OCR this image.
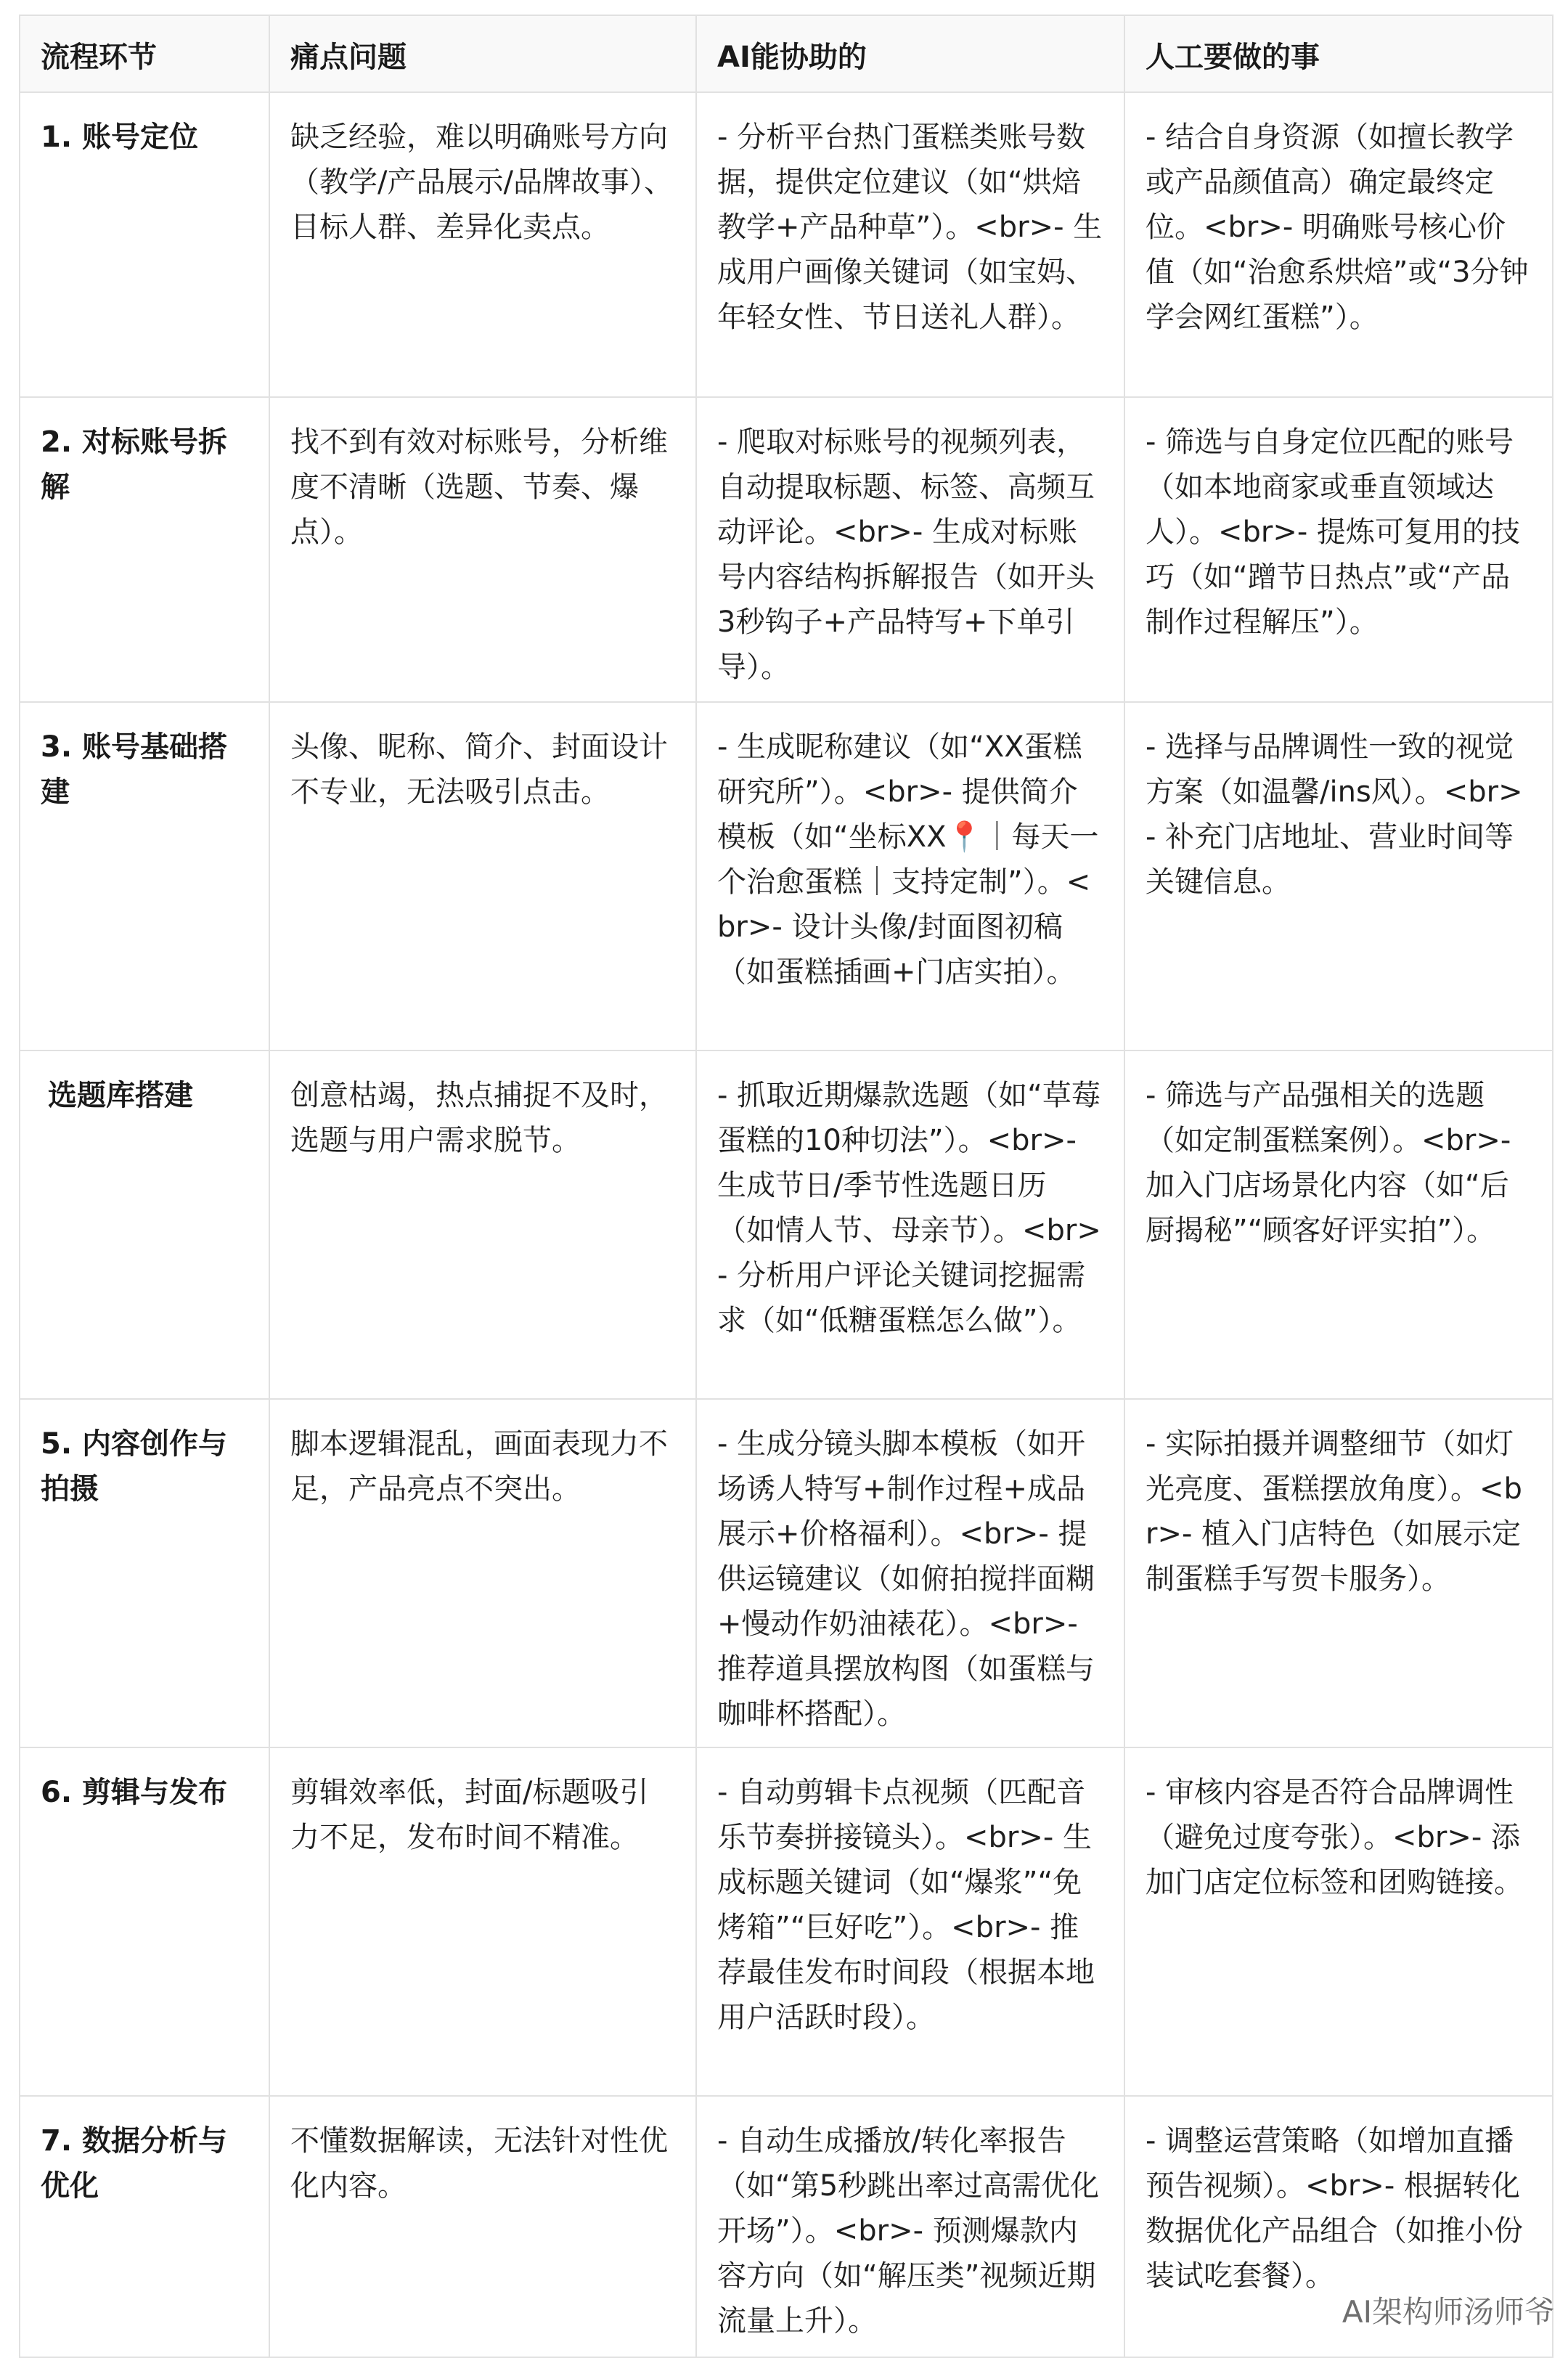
流程环节	痛点问题	AI能协助的	人工要做的事
1. 账号定位	缺乏经验，难以明确账号方向（教学/产品展示/品牌故事）、目标人群、差异化卖点。	- 分析平台热门蛋糕类账号数据，提供定位建议（如“烘焙教学+产品种草”）。<br>- 生成用户画像关键词（如宝妈、年轻女性、节日送礼人群）。	- 结合自身资源（如擅长教学或产品颜值高）确定最终定位。<br>- 明确账号核心价值（如“治愈系烘焙”或“3分钟学会网红蛋糕”）。
2. 对标账号拆解	找不到有效对标账号，分析维度不清晰（选题、节奏、爆点）。	- 爬取对标账号的视频列表，自动提取标题、标签、高频互动评论。<br>- 生成对标账号内容结构拆解报告（如开头3秒钩子+产品特写+下单引导）。	- 筛选与自身定位匹配的账号（如本地商家或垂直领域达人）。<br>- 提炼可复用的技巧（如“蹭节日热点”或“产品制作过程解压”）。
3. 账号基础搭建	头像、昵称、简介、封面设计不专业，无法吸引点击。	- 生成昵称建议（如“XX蛋糕研究所”）。<br>- 提供简介模板（如“坐标XX📍｜每天一个治愈蛋糕｜支持定制”）。<br>- 设计头像/封面图初稿（如蛋糕插画+门店实拍）。	- 选择与品牌调性一致的视觉方案（如温馨/ins风）。<br>- 补充门店地址、营业时间等关键信息。
选题库搭建	创意枯竭，热点捕捉不及时，选题与用户需求脱节。	- 抓取近期爆款选题（如“草莓蛋糕的10种切法”）。<br>- 生成节日/季节性选题日历（如情人节、母亲节）。<br>- 分析用户评论关键词挖掘需求（如“低糖蛋糕怎么做”）。	- 筛选与产品强相关的选题（如定制蛋糕案例）。<br>- 加入门店场景化内容（如“后厨揭秘”“顾客好评实拍”）。
5. 内容创作与拍摄	脚本逻辑混乱，画面表现力不足，产品亮点不突出。	- 生成分镜头脚本模板（如开场诱人特写+制作过程+成品展示+价格福利）。<br>- 提供运镜建议（如俯拍搅拌面糊+慢动作奶油裱花）。<br>- 推荐道具摆放构图（如蛋糕与咖啡杯搭配）。	- 实际拍摄并调整细节（如灯光亮度、蛋糕摆放角度）。<br>- 植入门店特色（如展示定制蛋糕手写贺卡服务）。
6. 剪辑与发布	剪辑效率低，封面/标题吸引力不足，发布时间不精准。	- 自动剪辑卡点视频（匹配音乐节奏拼接镜头）。<br>- 生成标题关键词（如“爆浆”“免烤箱”“巨好吃”）。<br>- 推荐最佳发布时间段（根据本地用户活跃时段）。	- 审核内容是否符合品牌调性（避免过度夸张）。<br>- 添加门店定位标签和团购链接。
7. 数据分析与优化	不懂数据解读，无法针对性优化内容。	- 自动生成播放/转化率报告（如“第5秒跳出率过高需优化开场”）。<br>- 预测爆款内容方向（如“解压类”视频近期流量上升）。	- 调整运营策略（如增加直播预告视频）。<br>- 根据转化数据优化产品组合（如推小份装试吃套餐）。
AI架构师汤师爷
